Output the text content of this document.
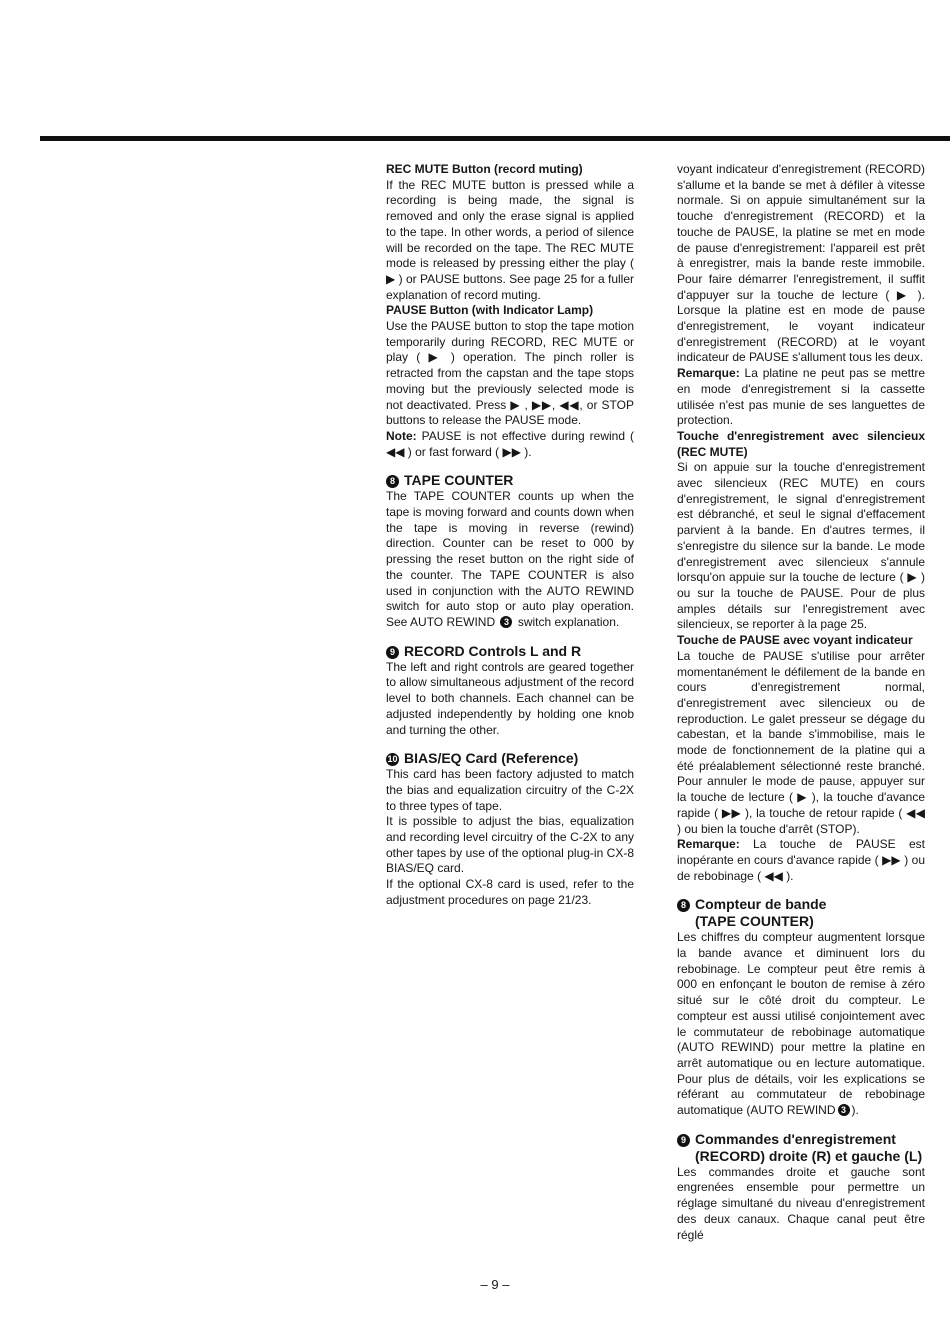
REC MUTE Button (record muting)

If the REC MUTE button is pressed while a recording is being made, the signal is removed and only the erase signal is applied to the tape. In other words, a period of silence will be recorded on the tape. The REC MUTE mode is released by pressing either the play ( ▶ ) or PAUSE buttons. See page 25 for a fuller explanation of record muting.

PAUSE Button (with Indicator Lamp)

Use the PAUSE button to stop the tape motion temporarily during RECORD, REC MUTE or play ( ▶ ) operation. The pinch roller is retracted from the capstan and the tape stops moving but the previously selected mode is not deactivated. Press ▶ , ▶▶, ◀◀, or STOP buttons to release the PAUSE mode.

Note: PAUSE is not effective during rewind ( ◀◀ ) or fast forward ( ▶▶ ).

8 TAPE COUNTER

The TAPE COUNTER counts up when the tape is moving forward and counts down when the tape is moving in reverse (rewind) direction. Counter can be reset to 000 by pressing the reset button on the right side of the counter. The TAPE COUNTER is also used in conjunction with the AUTO REWIND switch for auto stop or auto play operation. See AUTO REWIND 3 switch explanation.

9 RECORD Controls L and R

The left and right controls are geared together to allow simultaneous adjustment of the record level to both channels. Each channel can be adjusted independently by holding one knob and turning the other.

10 BIAS/EQ Card (Reference)

This card has been factory adjusted to match the bias and equalization circuitry of the C-2X to three types of tape.

It is possible to adjust the bias, equalization and recording level circuitry of the C-2X to any other tapes by use of the optional plug-in CX-8 BIAS/EQ card.

If the optional CX-8 card is used, refer to the adjustment procedures on page 21/23.

voyant indicateur d'enregistrement (RECORD) s'allume et la bande se met à défiler à vitesse normale. Si on appuie simultanément sur la touche d'enregistrement (RECORD) et la touche de PAUSE, la platine se met en mode de pause d'enregistrement: l'appareil est prêt à enregistrer, mais la bande reste immobile. Pour faire démarrer l'enregistrement, il suffit d'appuyer sur la touche de lecture ( ▶ ). Lorsque la platine est en mode de pause d'enregistrement, le voyant indicateur d'enregistrement (RECORD) at le voyant indicateur de PAUSE s'allument tous les deux.

Remarque: La platine ne peut pas se mettre en mode d'enregistrement si la cassette utilisée n'est pas munie de ses languettes de protection.

Touche d'enregistrement avec silencieux (REC MUTE)

Si on appuie sur la touche d'enregistrement avec silencieux (REC MUTE) en cours d'enregistrement, le signal d'enregistrement est débranché, et seul le signal d'effacement parvient à la bande. En d'autres termes, il s'enregistre du silence sur la bande. Le mode d'enregistrement avec silencieux s'annule lorsqu'on appuie sur la touche de lecture ( ▶ ) ou sur la touche de PAUSE. Pour de plus amples détails sur l'enregistrement avec silencieux, se reporter à la page 25.

Touche de PAUSE avec voyant indicateur

La touche de PAUSE s'utilise pour arrêter momentanément le défilement de la bande en cours d'enregistrement normal, d'enregistrement avec silencieux ou de reproduction. Le galet presseur se dégage du cabestan, et la bande s'immobilise, mais le mode de fonctionnement de la platine qui a été préalablement sélectionné reste branché. Pour annuler le mode de pause, appuyer sur la touche de lecture ( ▶ ), la touche d'avance rapide ( ▶▶ ), la touche de retour rapide ( ◀◀ ) ou bien la touche d'arrêt (STOP).

Remarque: La touche de PAUSE est inopérante en cours d'avance rapide ( ▶▶ ) ou de rebobinage ( ◀◀ ).

8 Compteur de bande
(TAPE COUNTER)

Les chiffres du compteur augmentent lorsque la bande avance et diminuent lors du rebobinage. Le compteur peut être remis à 000 en enfonçant le bouton de remise à zéro situé sur le côté droit du compteur. Le compteur est aussi utilisé conjointement avec le commutateur de rebobinage automatique (AUTO REWIND) pour mettre la platine en arrêt automatique ou en lecture automatique. Pour plus de détails, voir les explications se référant au commutateur de rebobinage automatique (AUTO REWIND 3 ).

9 Commandes d'enregistrement
(RECORD) droite (R) et gauche (L)

Les commandes droite et gauche sont engrenées ensemble pour permettre un réglage simultané du niveau d'enregistrement des deux canaux. Chaque canal peut être réglé

– 9 –
